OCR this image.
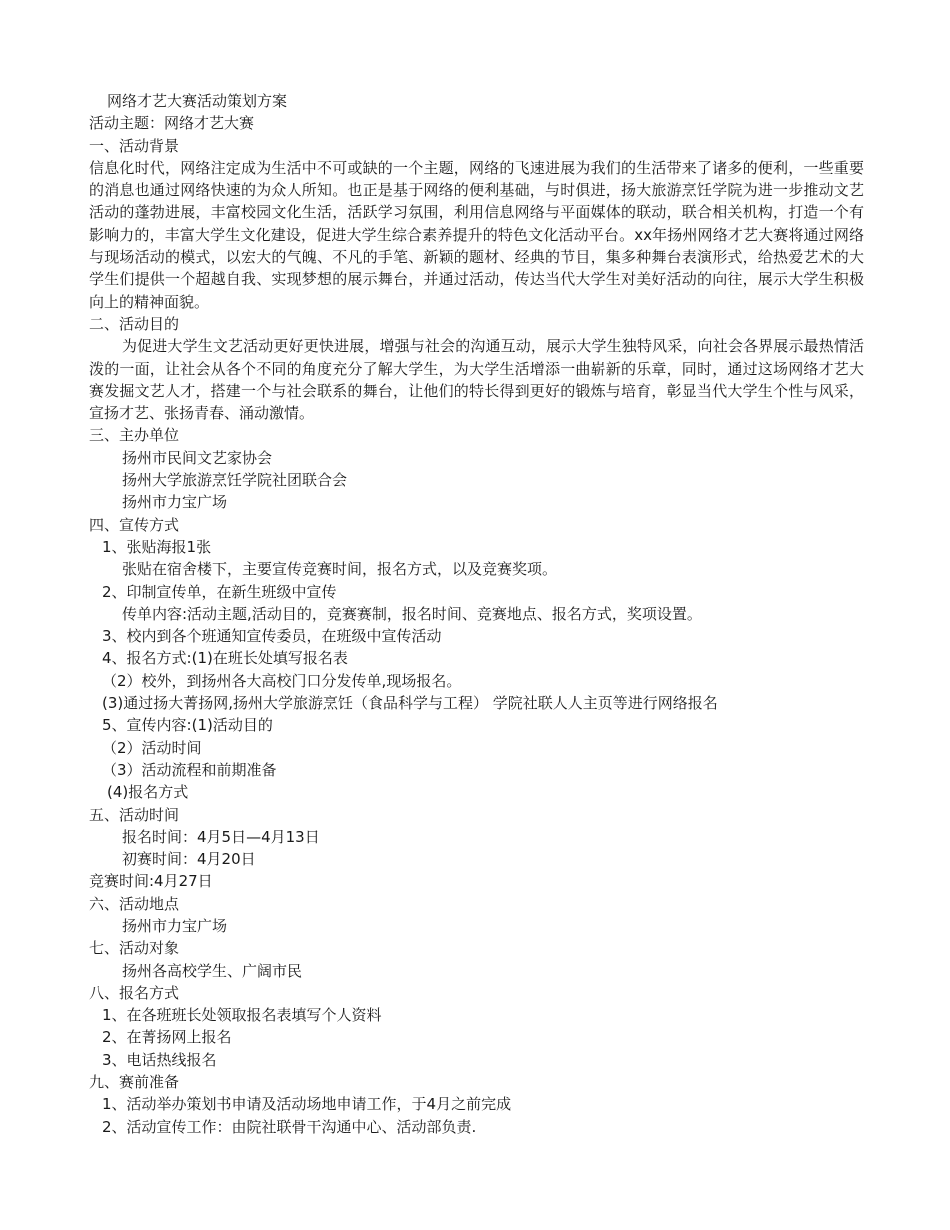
网络才艺大赛活动策划方案

活动主题：网络才艺大赛

一、活动背景

信息化时代，网络注定成为生活中不可或缺的一个主题，网络的飞速进展为我们的生活带来了诸多的便利，一些重要的消息也通过网络快速的为众人所知。也正是基于网络的便利基础，与时俱进，扬大旅游烹饪学院为进一步推动文艺活动的蓬勃进展，丰富校园文化生活，活跃学习氛围，利用信息网络与平面媒体的联动，联合相关机构，打造一个有影响力的，丰富大学生文化建设，促进大学生综合素养提升的特色文化活动平台。xx年扬州网络才艺大赛将通过网络与现场活动的模式，以宏大的气魄、不凡的手笔、新颖的题材、经典的节目，集多种舞台表演形式，给热爱艺术的大学生们提供一个超越自我、实现梦想的展示舞台，并通过活动，传达当代大学生对美好活动的向往，展示大学生积极向上的精神面貌。

二、活动目的

为促进大学生文艺活动更好更快进展，增强与社会的沟通互动，展示大学生独特风采，向社会各界展示最热情活泼的一面，让社会从各个不同的角度充分了解大学生，为大学生活增添一曲崭新的乐章，同时，通过这场网络才艺大赛发掘文艺人才，搭建一个与社会联系的舞台，让他们的特长得到更好的锻炼与培育，彰显当代大学生个性与风采，宣扬才艺、张扬青春、涌动激情。

三、主办单位

扬州市民间文艺家协会

扬州大学旅游烹饪学院社团联合会

扬州市力宝广场

四、宣传方式

1、张贴海报1张

张贴在宿舍楼下，主要宣传竞赛时间，报名方式，以及竞赛奖项。

2、印制宣传单，在新生班级中宣传

传单内容:活动主题,活动目的，竞赛赛制，报名时间、竞赛地点、报名方式，奖项设置。

3、校内到各个班通知宣传委员，在班级中宣传活动

4、报名方式:(1)在班长处填写报名表

（2）校外，到扬州各大高校门口分发传单,现场报名。

(3)通过扬大菁扬网,扬州大学旅游烹饪（食品科学与工程） 学院社联人人主页等进行网络报名

5、宣传内容:(1)活动目的

（2）活动时间

（3）活动流程和前期准备

(4)报名方式

五、活动时间

报名时间：4月5日—4月13日

初赛时间：4月20日

竞赛时间:4月27日

六、活动地点

扬州市力宝广场

七、活动对象

扬州各高校学生、广阔市民

八、报名方式

1、在各班班长处领取报名表填写个人资料

2、在菁扬网上报名

3、电话热线报名

九、赛前准备

1、活动举办策划书申请及活动场地申请工作，于4月之前完成

2、活动宣传工作：由院社联骨干沟通中心、活动部负责.
